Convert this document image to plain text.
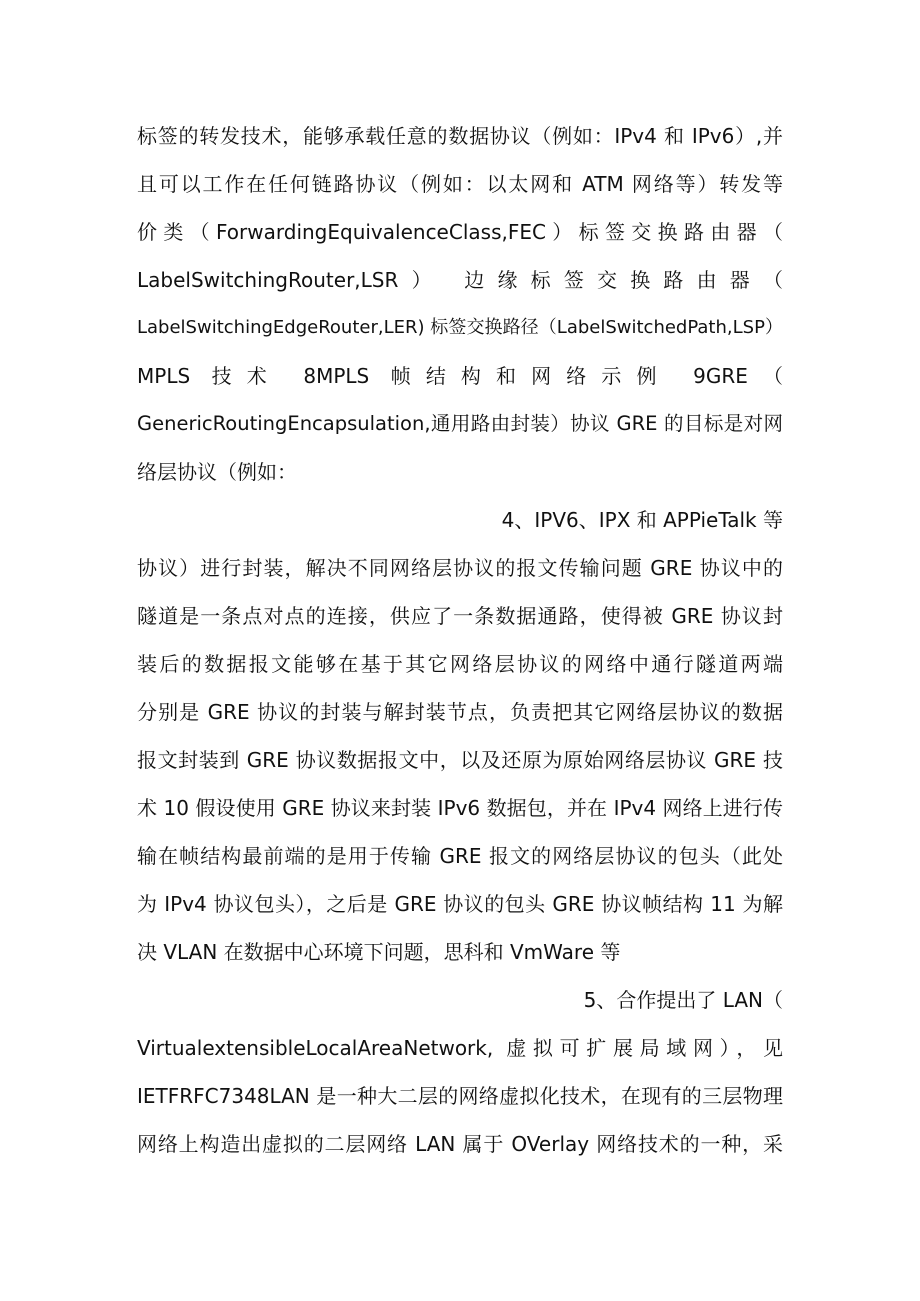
标签的转发技术，能够承载任意的数据协议（例如：IPv4 和 IPv6）,并
且可以工作在任何链路协议（例如：以太网和 ATM 网络等）转发等
价类（ForwardingEquivalenceClass,FEC）标签交换路由器（
LabelSwitchingRouter,LSR） 边缘标签交换路由器（
LabelSwitchingEdgeRouter,LER) 标签交换路径（LabelSwitchedPath,LSP）
MPLS 技术 8MPLS 帧结构和网络示例 9GRE（
GenericRoutingEncapsulation,通用路由封装）协议 GRE 的目标是对网
络层协议（例如：
4、IPV6、IPX 和 APPieTalk 等
协议）进行封装，解决不同网络层协议的报文传输问题 GRE 协议中的
隧道是一条点对点的连接，供应了一条数据通路，使得被 GRE 协议封
装后的数据报文能够在基于其它网络层协议的网络中通行隧道两端
分别是 GRE 协议的封装与解封装节点，负责把其它网络层协议的数据
报文封装到 GRE 协议数据报文中，以及还原为原始网络层协议 GRE 技
术 10 假设使用 GRE 协议来封装 IPv6 数据包，并在 IPv4 网络上进行传
输在帧结构最前端的是用于传输 GRE 报文的网络层协议的包头（此处
为 IPv4 协议包头），之后是 GRE 协议的包头 GRE 协议帧结构 11 为解
决 VLAN 在数据中心环境下问题，思科和 VmWare 等
5、合作提出了 LAN（
VirtualextensibleLocalAreaNetwork, 虚拟可扩展局域网），见
IETFRFC7348LAN 是一种大二层的网络虚拟化技术，在现有的三层物理
网络上构造出虚拟的二层网络 LAN 属于 OVerlay 网络技术的一种，采
